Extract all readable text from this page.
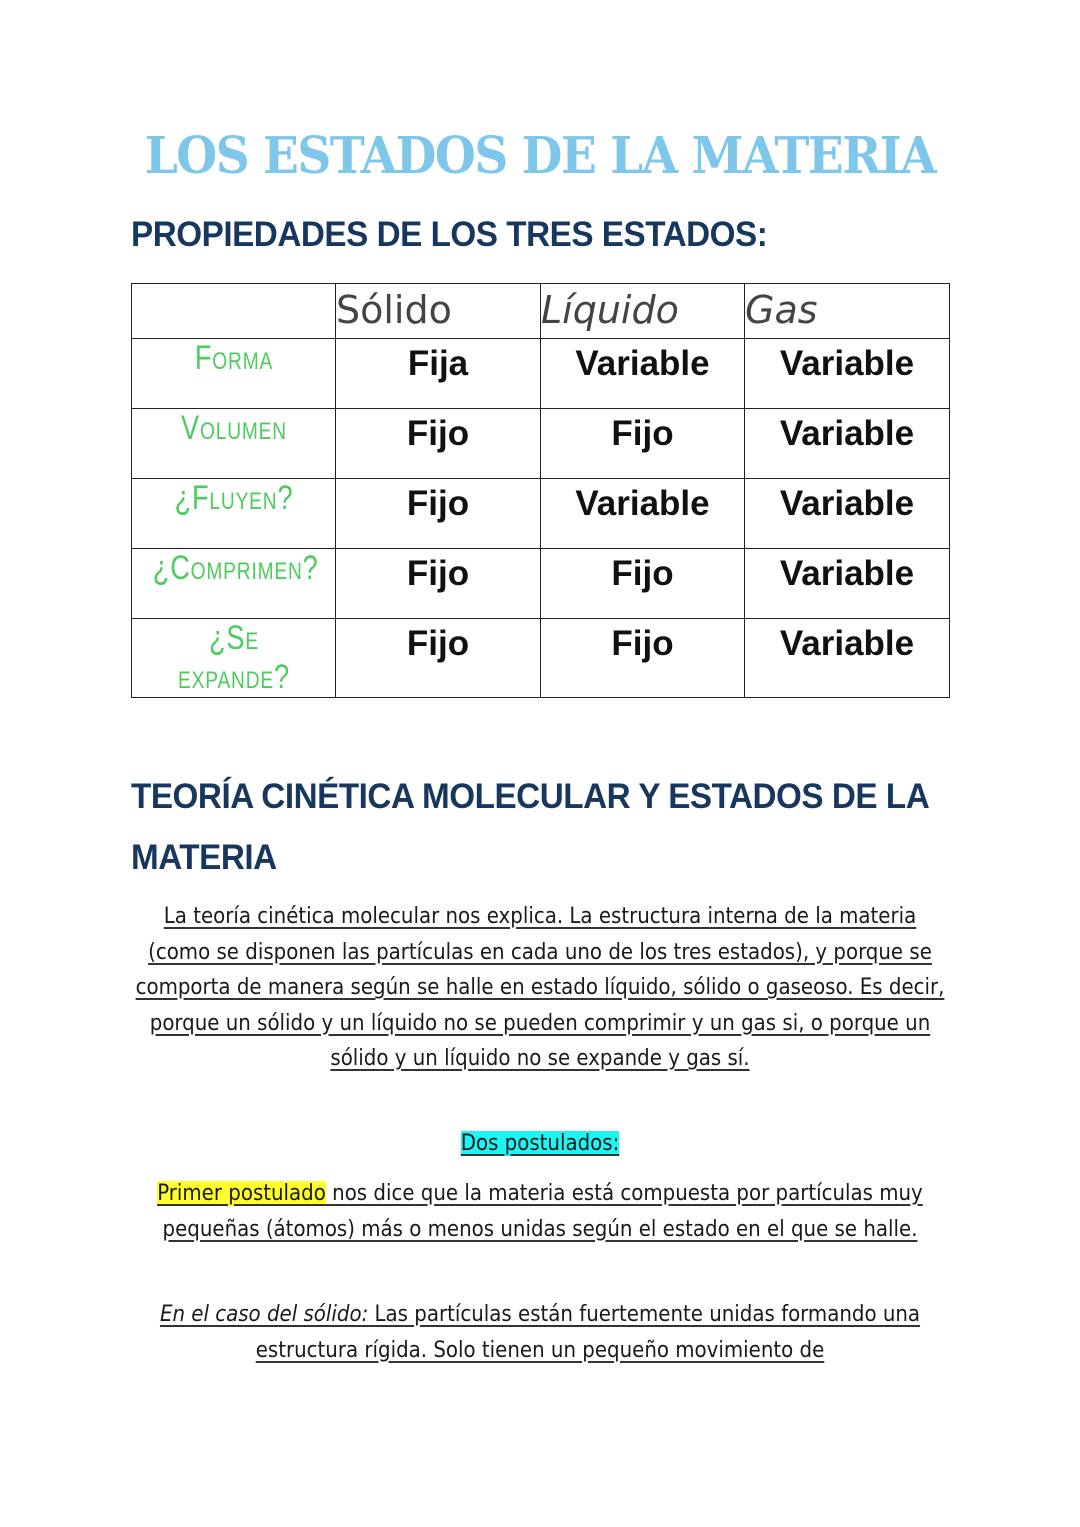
LOS ESTADOS DE LA MATERIA
PROPIEDADES DE LOS TRES ESTADOS:
	Sólido	Líquido	Gas
Forma	Fija	Variable	Variable
Volumen	Fijo	Fijo	Variable
¿Fluyen?	Fijo	Variable	Variable
¿Comprimen?	Fijo	Fijo	Variable
¿Se expande?	Fijo	Fijo	Variable
TEORÍA CINÉTICA MOLECULAR Y ESTADOS DE LA MATERIA
La teoría cinética molecular nos explica. La estructura interna de la materia (como se disponen las partículas en cada uno de los tres estados), y porque se comporta de manera según se halle en estado líquido, sólido o gaseoso. Es decir, porque un sólido y un líquido no se pueden comprimir y un gas si, o porque un sólido y un líquido no se expande y gas sí.
Dos postulados:
Primer postulado nos dice que la materia está compuesta por partículas muy pequeñas (átomos) más o menos unidas según el estado en el que se halle.
En el caso del sólido: Las partículas están fuertemente unidas formando una estructura rígida. Solo tienen un pequeño movimiento de
